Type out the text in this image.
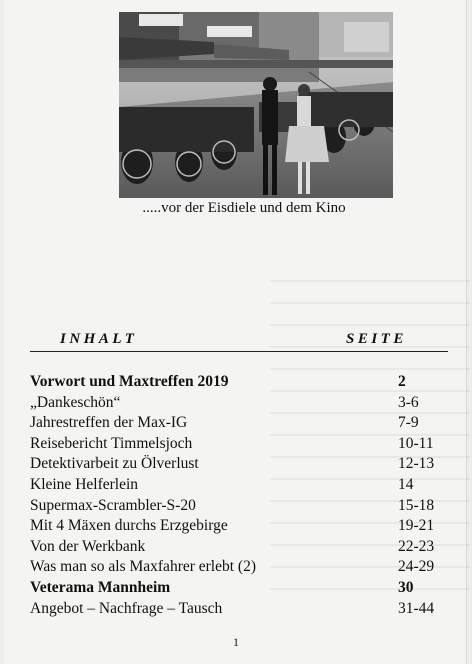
.....vor der Eisdiele und dem Kino
INHALT	SEITE
Vorwort und Maxtreffen 2019	2
„Dankeschön“	3-6
Jahrestreffen der Max-IG	7-9
Reisebericht Timmelsjoch	10-11
Detektivarbeit zu Ölverlust	12-13
Kleine Helferlein	14
Supermax-Scrambler-S-20	15-18
Mit 4 Mäxen durchs Erzgebirge	19-21
Von der Werkbank	22-23
Was man so als Maxfahrer erlebt (2)	24-29
Veterama Mannheim	30
Angebot – Nachfrage – Tausch	31-44
1
